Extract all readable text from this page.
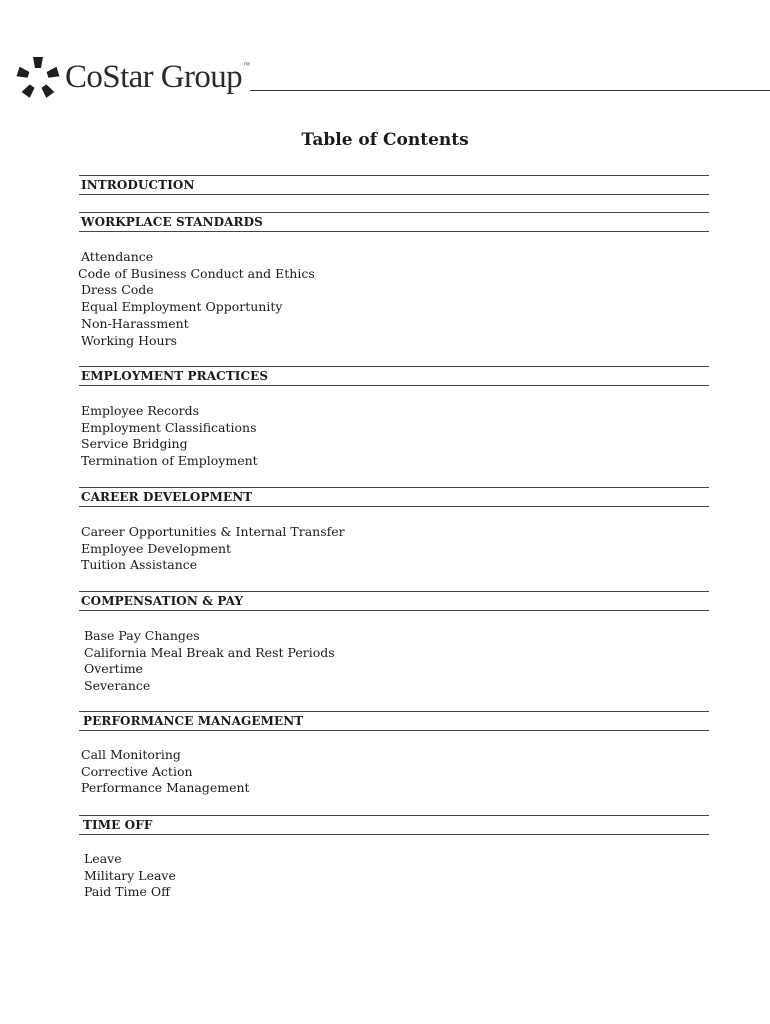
CoStar Group™
Table of Contents
INTRODUCTION
WORKPLACE STANDARDS
Attendance
Code of Business Conduct and Ethics
Dress Code
Equal Employment Opportunity
Non-Harassment
Working Hours
EMPLOYMENT PRACTICES
Employee Records
Employment Classifications
Service Bridging
Termination of Employment
CAREER DEVELOPMENT
Career Opportunities & Internal Transfer
Employee Development
Tuition Assistance
COMPENSATION & PAY
Base Pay Changes
California Meal Break and Rest Periods
Overtime
Severance
PERFORMANCE MANAGEMENT
Call Monitoring
Corrective Action
Performance Management
TIME OFF
Leave
Military Leave
Paid Time Off
